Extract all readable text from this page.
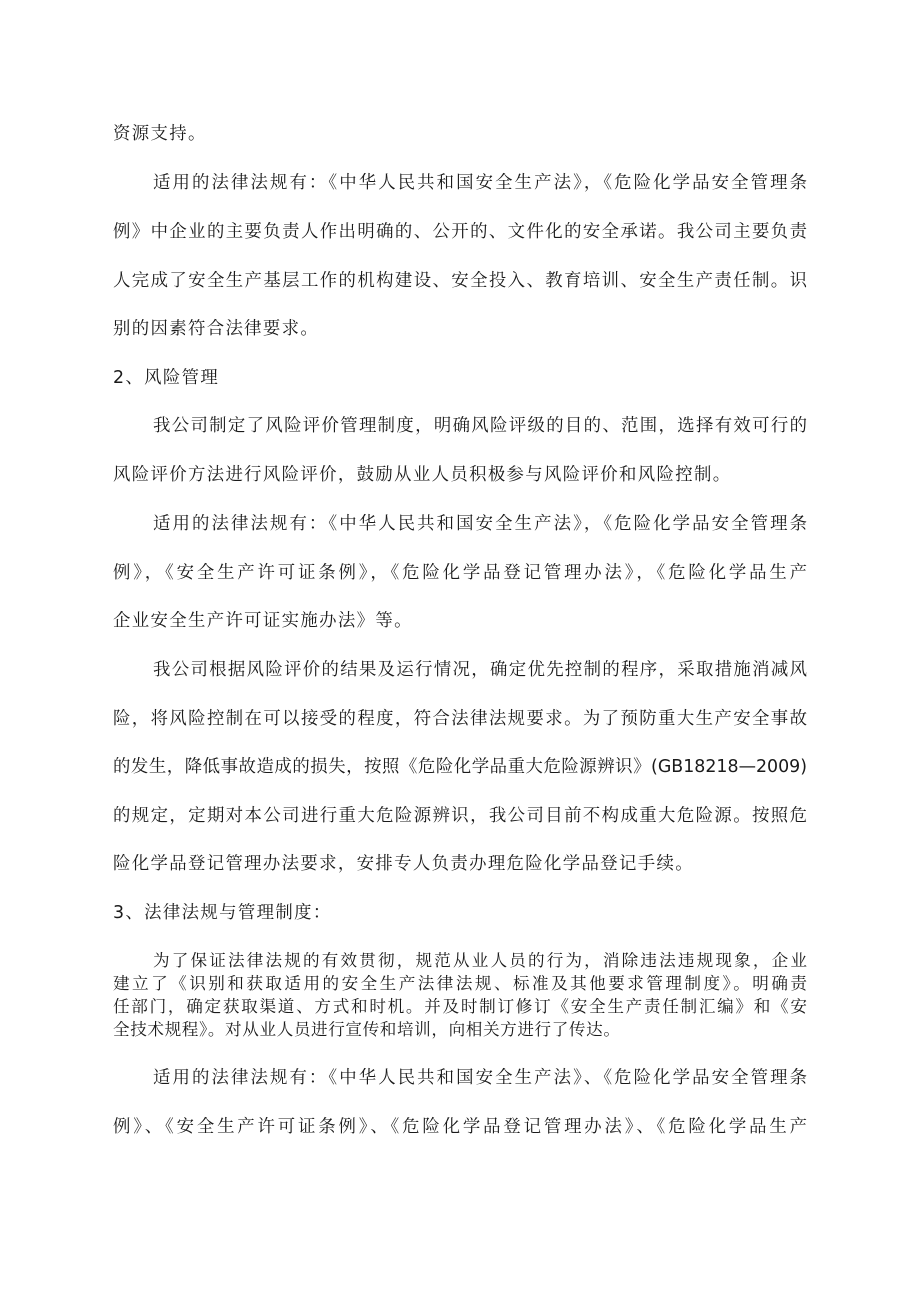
资源支持。
适用的法律法规有：《中华人民共和国安全生产法》，《危险化学品安全管理条
例》中企业的主要负责人作出明确的、公开的、文件化的安全承诺。我公司主要负责
人完成了安全生产基层工作的机构建设、安全投入、教育培训、安全生产责任制。识
别的因素符合法律要求。
2、风险管理
我公司制定了风险评价管理制度，明确风险评级的目的、范围，选择有效可行的
风险评价方法进行风险评价，鼓励从业人员积极参与风险评价和风险控制。
适用的法律法规有：《中华人民共和国安全生产法》，《危险化学品安全管理条
例》，《安全生产许可证条例》，《危险化学品登记管理办法》，《危险化学品生产
企业安全生产许可证实施办法》等。
我公司根据风险评价的结果及运行情况，确定优先控制的程序，采取措施消减风
险，将风险控制在可以接受的程度，符合法律法规要求。为了预防重大生产安全事故
的发生，降低事故造成的损失，按照《危险化学品重大危险源辨识》(GB18218—2009)
的规定，定期对本公司进行重大危险源辨识，我公司目前不构成重大危险源。按照危
险化学品登记管理办法要求，安排专人负责办理危险化学品登记手续。
3、法律法规与管理制度：
为了保证法律法规的有效贯彻，规范从业人员的行为，消除违法违规现象，企业
建立了《识别和获取适用的安全生产法律法规、标准及其他要求管理制度》。明确责
任部门，确定获取渠道、方式和时机。并及时制订修订《安全生产责任制汇编》和《安
全技术规程》。对从业人员进行宣传和培训，向相关方进行了传达。
适用的法律法规有：《中华人民共和国安全生产法》、《危险化学品安全管理条
例》、《安全生产许可证条例》、《危险化学品登记管理办法》、《危险化学品生产
